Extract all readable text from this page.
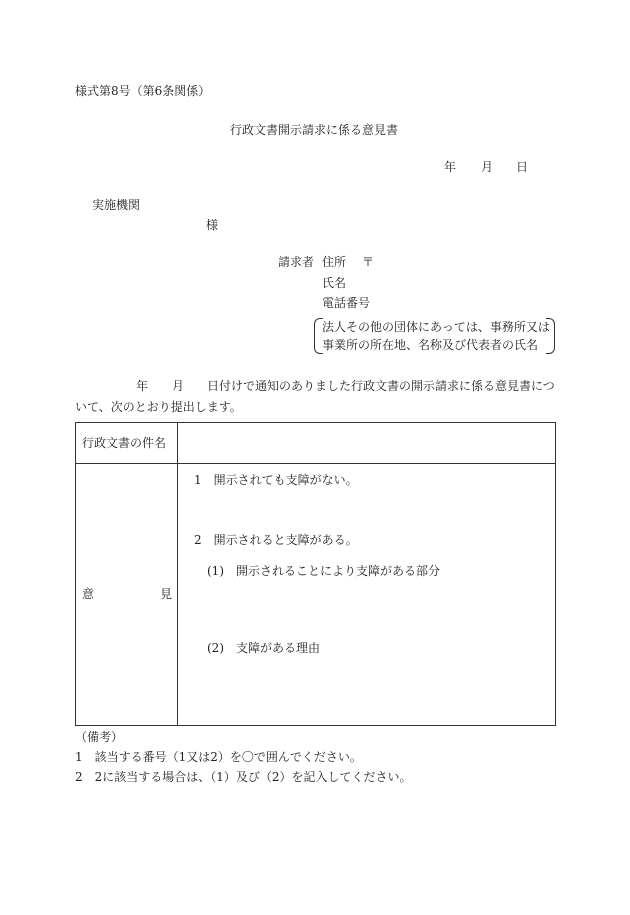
様式第8号（第6条関係）
行政文書開示請求に係る意見書
年 月 日
実施機関
様
請求者 住所 〒
氏名
電話番号
法人その他の団体にあっては、事務所又は
事業所の所在地、名称及び代表者の氏名
年 月 日付けで通知のありました行政文書の開示請求に係る意見書につ
いて、次のとおり提出します。
行政文書の件名
意	見
1　開示されても支障がない。
2　開示されると支障がある。
(1)　開示されることにより支障がある部分
(2)　支障がある理由
（備考）
1　該当する番号（1又は2）を〇で囲んでください。
2　2に該当する場合は、（1）及び（2）を記入してください。
